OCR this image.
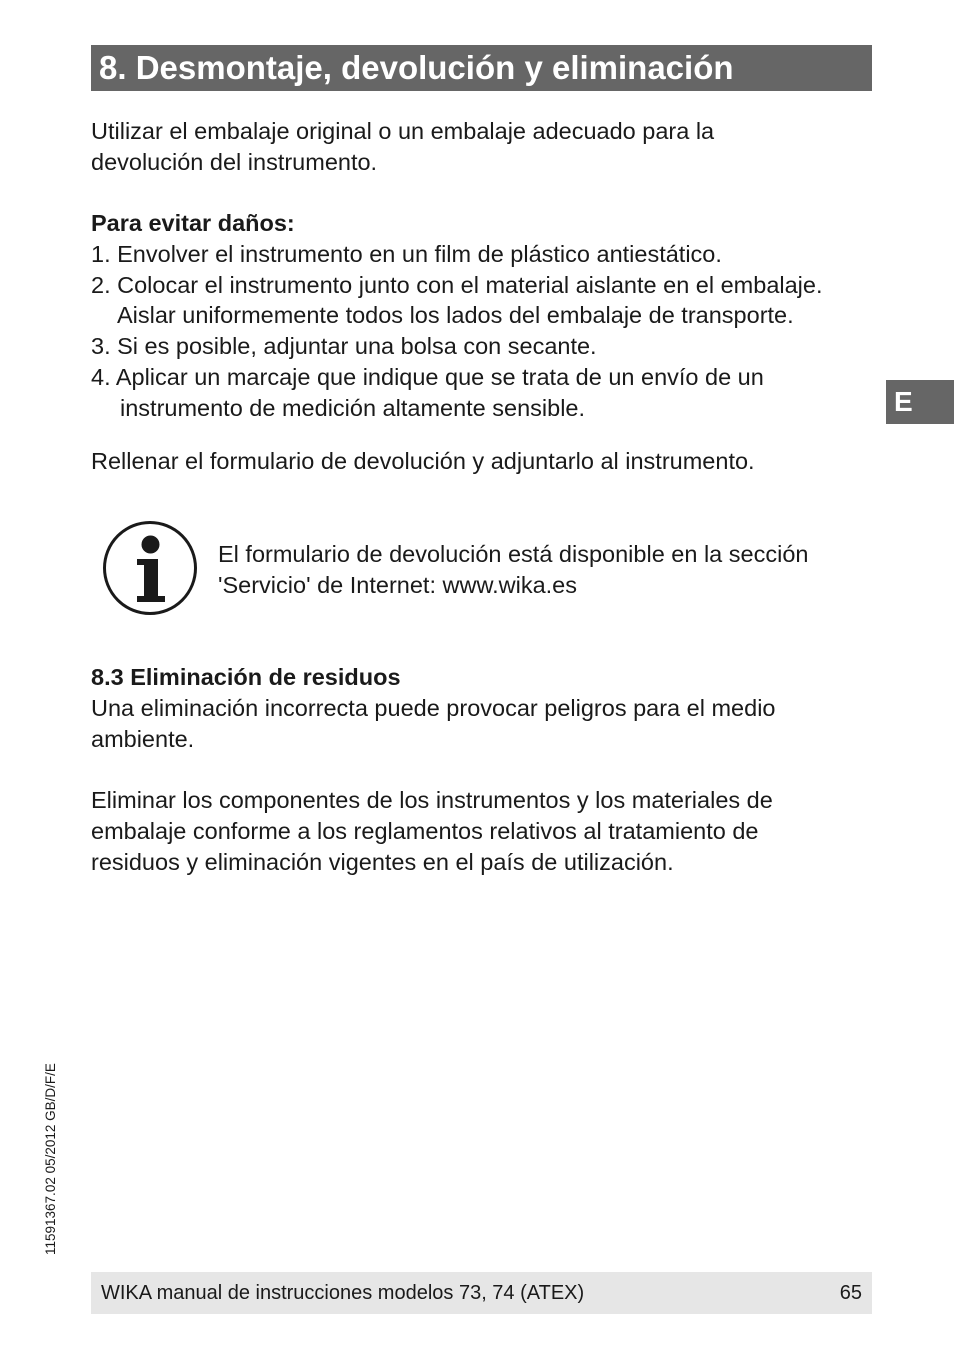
8. Desmontaje, devolución y eliminación
E

Utilizar el embalaje original o un embalaje adecuado para la

devolución del instrumento.

Para evitar daños:

1. Envolver el instrumento en un film de plástico antiestático.
2. Colocar el instrumento junto con el material aislante en el embalaje.
Aislar uniformemente todos los lados del embalaje de transporte.
3. Si es posible, adjuntar una bolsa con secante.
4. Aplicar un marcaje que indique que se trata de un envío de un
instrumento de medición altamente sensible.

Rellenar el formulario de devolución y adjuntarlo al instrumento.

El formulario de devolución está disponible en la sección
'Servicio' de Internet: www.wika.es

8.3 Eliminación de residuos

Una eliminación incorrecta puede provocar peligros para el medio

ambiente.

Eliminar los componentes de los instrumentos y los materiales de

embalaje conforme a los reglamentos relativos al tratamiento de

residuos y eliminación vigentes en el país de utilización.

11591367.02 05/2012 GB/D/F/E
WIKA manual de instrucciones modelos 73, 74 (ATEX)	65
